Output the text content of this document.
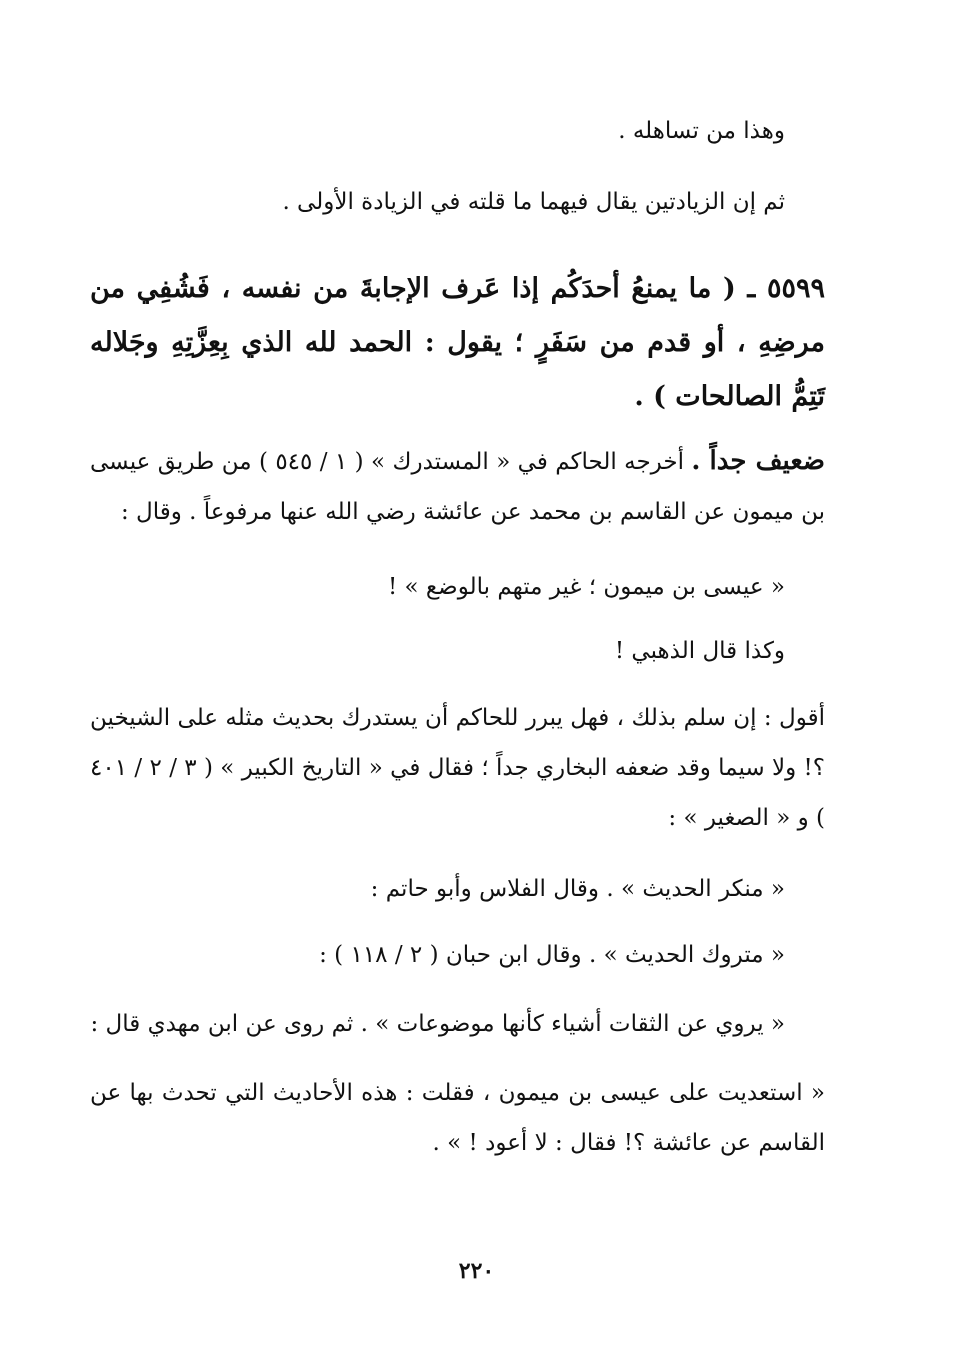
وهذا من تساهله .

ثم إن الزيادتين يقال فيهما ما قلته في الزيادة الأولى .

٥٥٩٩ ـ ( ما يمنعُ أحدَكُم إذا عَرف الإجابةَ من نفسه ، فَشُفِي من مرضِهِ ، أو قدم من سَفَرٍ ؛ يقول : الحمد لله الذي بِعِزَّتِهِ وجَلاله تَتِمُّ الصالحات ) .

ضعيف جداً . أخرجه الحاكم في « المستدرك » ( ١ / ٥٤٥ ) من طريق عيسى بن ميمون عن القاسم بن محمد عن عائشة رضي الله عنها مرفوعاً . وقال :

« عيسى بن ميمون ؛ غير متهم بالوضع » !

وكذا قال الذهبي !

أقول : إن سلم بذلك ، فهل يبرر للحاكم أن يستدرك بحديث مثله على الشيخين ؟! ولا سيما وقد ضعفه البخاري جداً ؛ فقال في « التاريخ الكبير » ( ٣ / ٢ / ٤٠١ ) و « الصغير » :

« منكر الحديث » . وقال الفلاس وأبو حاتم :

« متروك الحديث » . وقال ابن حبان ( ٢ / ١١٨ ) :

« يروي عن الثقات أشياء كأنها موضوعات » . ثم روى عن ابن مهدي قال :

« استعديت على عيسى بن ميمون ، فقلت : هذه الأحاديث التي تحدث بها عن القاسم عن عائشة ؟! فقال : لا أعود ! » .

٢٢٠
